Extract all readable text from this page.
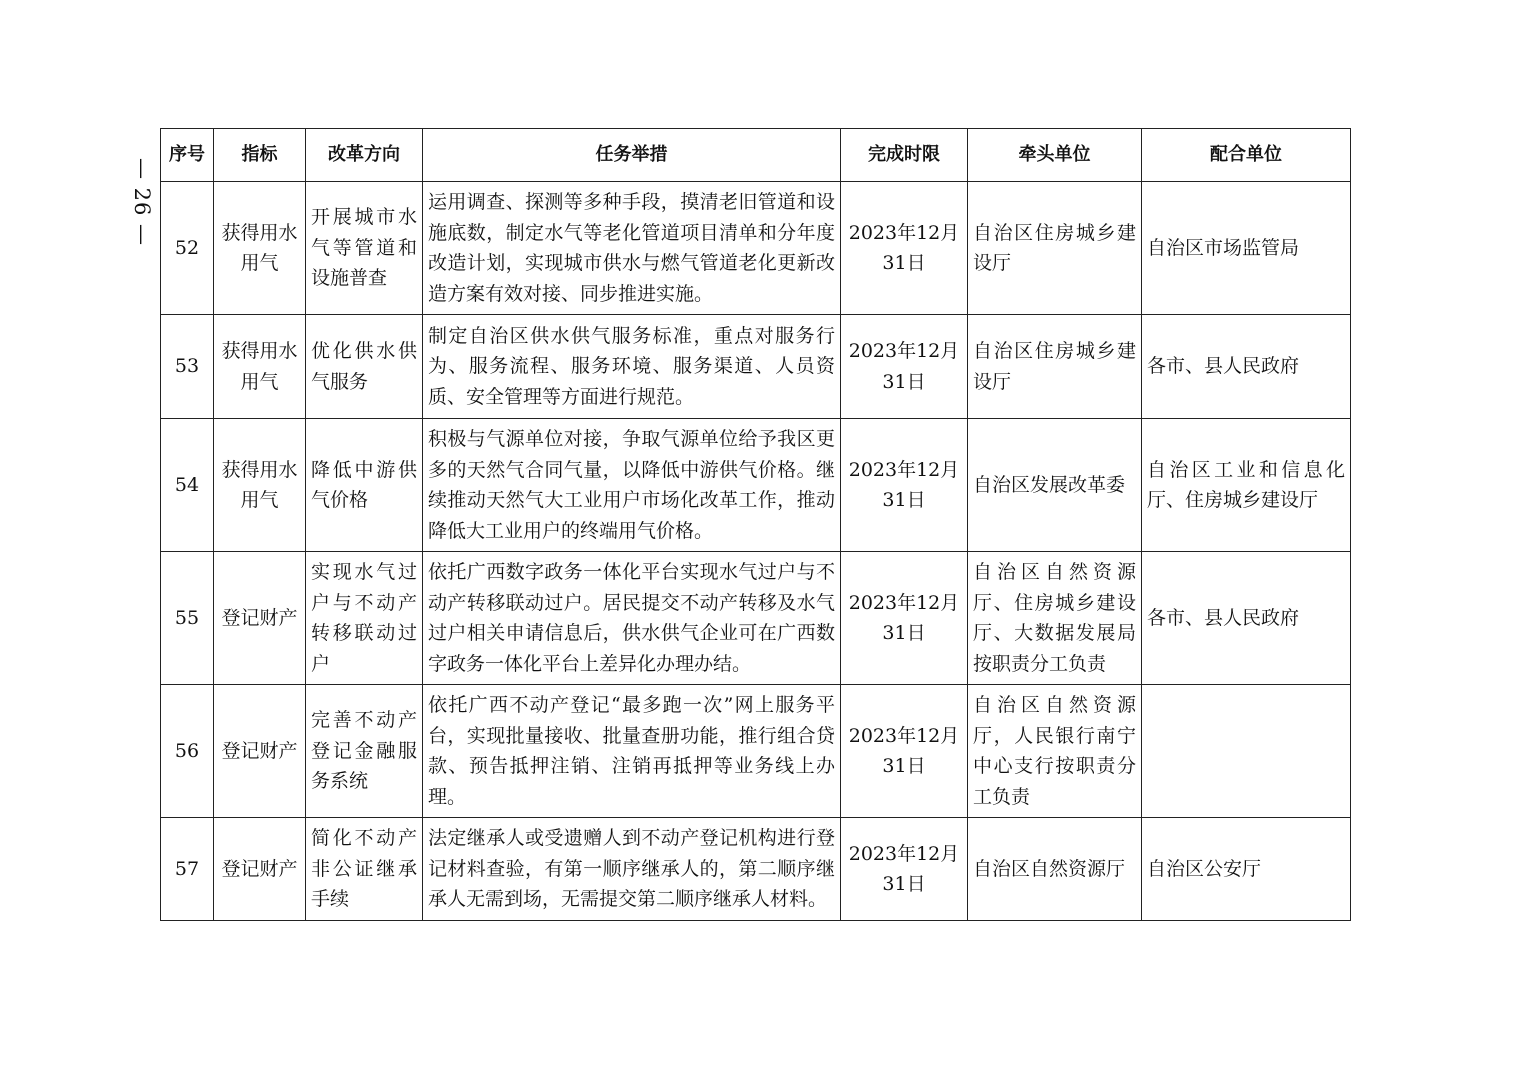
— 26 —
序号	指标	改革方向	任务举措	完成时限	牵头单位	配合单位
52	获得用水用气	开展城市水气等管道和设施普查	运用调查、探测等多种手段，摸清老旧管道和设施底数，制定水气等老化管道项目清单和分年度改造计划，实现城市供水与燃气管道老化更新改造方案有效对接、同步推进实施。	2023年12月31日	自治区住房城乡建设厅	自治区市场监管局
53	获得用水用气	优化供水供气服务	制定自治区供水供气服务标准，重点对服务行为、服务流程、服务环境、服务渠道、人员资质、安全管理等方面进行规范。	2023年12月31日	自治区住房城乡建设厅	各市、县人民政府
54	获得用水用气	降低中游供气价格	积极与气源单位对接，争取气源单位给予我区更多的天然气合同气量，以降低中游供气价格。继续推动天然气大工业用户市场化改革工作，推动降低大工业用户的终端用气价格。	2023年12月31日	自治区发展改革委	自治区工业和信息化厅、住房城乡建设厅
55	登记财产	实现水气过户与不动产转移联动过户	依托广西数字政务一体化平台实现水气过户与不动产转移联动过户。居民提交不动产转移及水气过户相关申请信息后，供水供气企业可在广西数字政务一体化平台上差异化办理办结。	2023年12月31日	自治区自然资源厅、住房城乡建设厅、大数据发展局按职责分工负责	各市、县人民政府
56	登记财产	完善不动产登记金融服务系统	依托广西不动产登记“最多跑一次”网上服务平台，实现批量接收、批量查册功能，推行组合贷款、预告抵押注销、注销再抵押等业务线上办理。	2023年12月31日	自治区自然资源厅，人民银行南宁中心支行按职责分工负责	
57	登记财产	简化不动产非公证继承手续	法定继承人或受遗赠人到不动产登记机构进行登记材料查验，有第一顺序继承人的，第二顺序继承人无需到场，无需提交第二顺序继承人材料。	2023年12月31日	自治区自然资源厅	自治区公安厅
